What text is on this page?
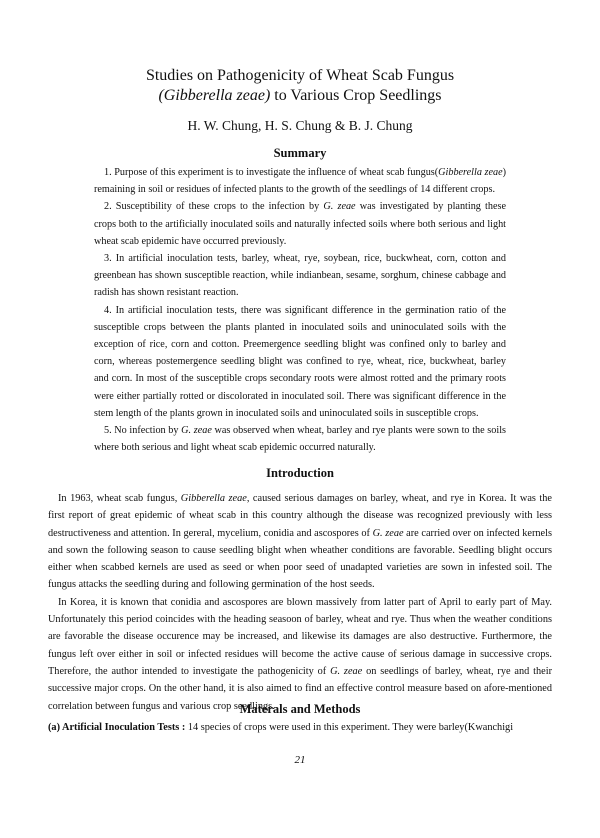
Studies on Pathogenicity of Wheat Scab Fungus
(Gibberella zeae) to Various Crop Seedlings
H. W. Chung, H. S. Chung & B. J. Chung
Summary

1. Purpose of this experiment is to investigate the influence of wheat scab fungus(Gibberella zeae) remaining in soil or residues of infected plants to the growth of the seedlings of 14 different crops.

2. Susceptibility of these crops to the infection by G. zeae was investigated by planting these crops both to the artificially inoculated soils and naturally infected soils where both serious and light wheat scab epidemic have occurred previously.

3. In artificial inoculation tests, barley, wheat, rye, soybean, rice, buckwheat, corn, cotton and greenbean has shown susceptible reaction, while indianbean, sesame, sorghum, chinese cabbage and radish has shown resistant reaction.

4. In artificial inoculation tests, there was significant difference in the germination ratio of the susceptible crops between the plants planted in inoculated soils and uninoculated soils with the exception of rice, corn and cotton. Preemergence seedling blight was confined only to barley and corn, whereas postemergence seedling blight was confined to rye, wheat, rice, buckwheat, barley and corn. In most of the susceptible crops secondary roots were almost rotted and the primary roots were either partially rotted or discolorated in inoculated soil. There was significant difference in the stem length of the plants grown in inoculated soils and uninoculated soils in susceptible crops.

5. No infection by G. zeae was observed when wheat, barley and rye plants were sown to the soils where both serious and light wheat scab epidemic occurred naturally.

Introduction

In 1963, wheat scab fungus, Gibberella zeae, caused serious damages on barley, wheat, and rye in Korea. It was the first report of great epidemic of wheat scab in this country although the disease was recognized previously with less destructiveness and attention. In gereral, mycelium, conidia and ascospores of G. zeae are carried over on infected kernels and sown the following season to cause seedling blight when wheather conditions are favorable. Seedling blight occurs either when scabbed kernels are used as seed or when poor seed of unadapted varieties are sown in infested soil. The fungus attacks the seedling during and following germination of the host seeds.

In Korea, it is known that conidia and ascospores are blown massively from latter part of April to early part of May. Unfortunately this period coincides with the heading seasoon of barley, wheat and rye. Thus when the weather conditions are favorable the disease occurence may be increased, and likewise its damages are also destructive. Furthermore, the fungus left over either in soil or infected residues will become the active cause of serious damage in successive crops. Therefore, the author intended to investigate the pathogenicity of G. zeae on seedlings of barley, wheat, rye and their successive major crops. On the other hand, it is also aimed to find an effective control measure based on afore-mentioned correlation between fungus and various crop seedlings.

Materals and Methods
(a) Artificial Inoculation Tests : 14 species of crops were used in this experiment. They were barley(Kwanchigi
21
